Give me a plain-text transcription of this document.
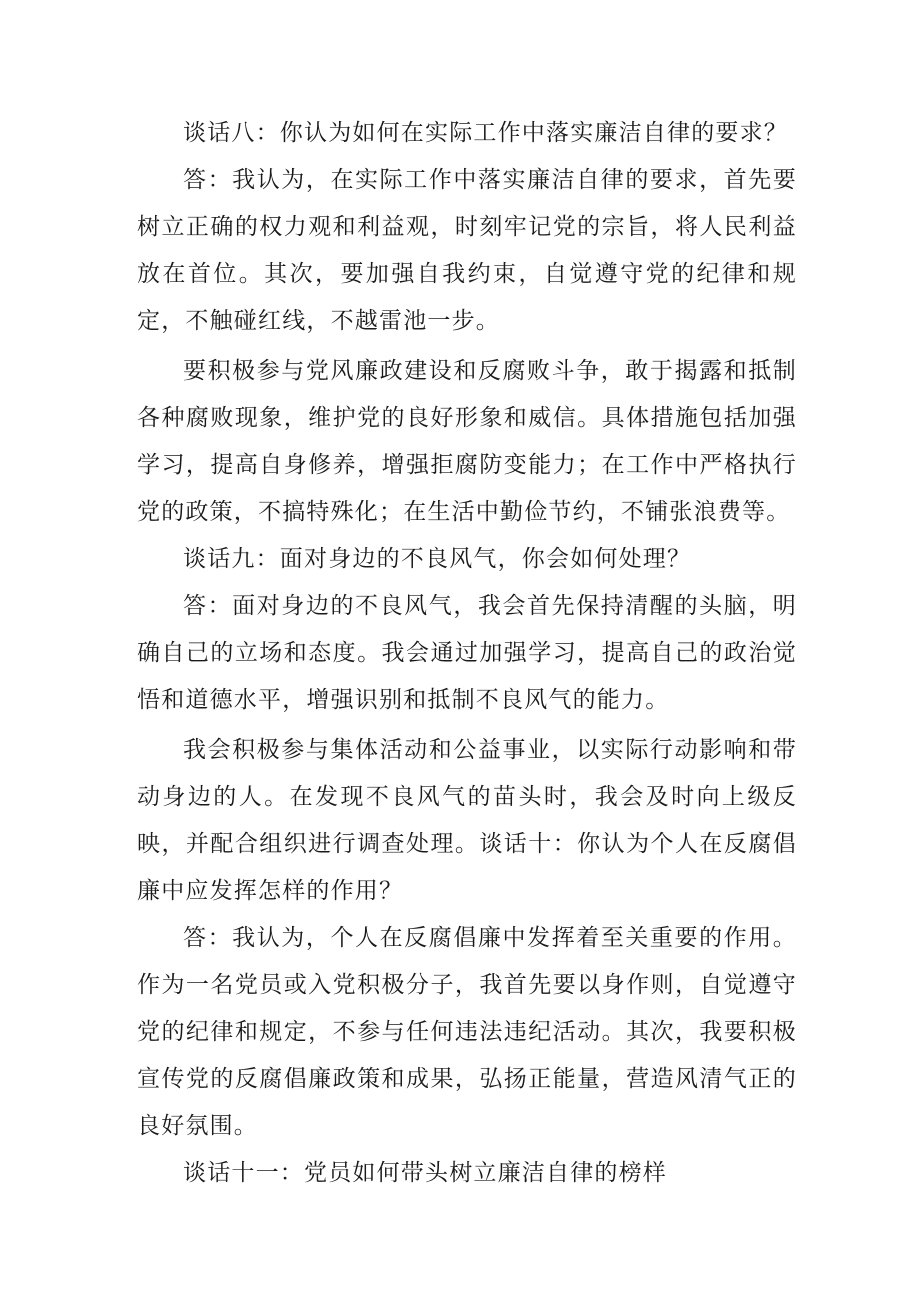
谈话八：你认为如何在实际工作中落实廉洁自律的要求？

答：我认为，在实际工作中落实廉洁自律的要求，首先要树立正确的权力观和利益观，时刻牢记党的宗旨，将人民利益放在首位。其次，要加强自我约束，自觉遵守党的纪律和规定，不触碰红线，不越雷池一步。

要积极参与党风廉政建设和反腐败斗争，敢于揭露和抵制各种腐败现象，维护党的良好形象和威信。具体措施包括加强学习，提高自身修养，增强拒腐防变能力；在工作中严格执行党的政策，不搞特殊化；在生活中勤俭节约，不铺张浪费等。

谈话九：面对身边的不良风气，你会如何处理？

答：面对身边的不良风气，我会首先保持清醒的头脑，明确自己的立场和态度。我会通过加强学习，提高自己的政治觉悟和道德水平，增强识别和抵制不良风气的能力。

我会积极参与集体活动和公益事业，以实际行动影响和带动身边的人。在发现不良风气的苗头时，我会及时向上级反映，并配合组织进行调查处理。谈话十：你认为个人在反腐倡廉中应发挥怎样的作用？

答：我认为，个人在反腐倡廉中发挥着至关重要的作用。作为一名党员或入党积极分子，我首先要以身作则，自觉遵守党的纪律和规定，不参与任何违法违纪活动。其次，我要积极宣传党的反腐倡廉政策和成果，弘扬正能量，营造风清气正的良好氛围。

谈话十一：党员如何带头树立廉洁自律的榜样
